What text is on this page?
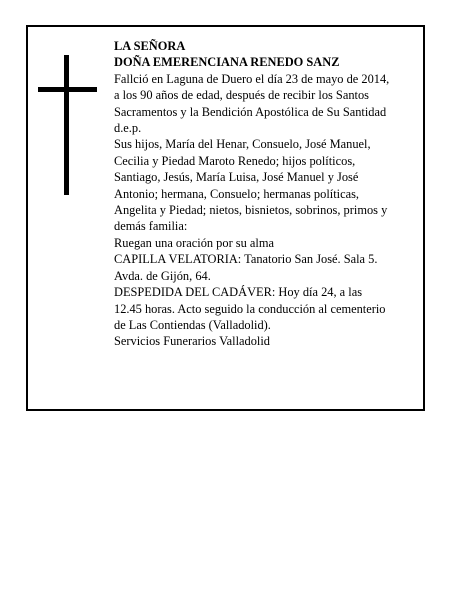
LA SEÑORA
DOÑA EMERENCIANA RENEDO SANZ
Fallció en Laguna de Duero el día 23 de mayo de 2014,
a los 90 años de edad, después de recibir los Santos
Sacramentos y la Bendición Apostólica de Su Santidad
d.e.p.
Sus hijos, María del Henar, Consuelo, José Manuel,
Cecilia y Piedad Maroto Renedo; hijos políticos,
Santiago, Jesús, María Luisa, José Manuel y José
Antonio; hermana, Consuelo; hermanas políticas,
Angelita y Piedad; nietos, bisnietos, sobrinos, primos y
demás familia:
Ruegan una oración por su alma
CAPILLA VELATORIA: Tanatorio San José. Sala 5.
Avda. de Gijón, 64.
DESPEDIDA DEL CADÁVER: Hoy día 24, a las
12.45 horas. Acto seguido la conducción al cementerio
de Las Contiendas (Valladolid).
Servicios Funerarios Valladolid
